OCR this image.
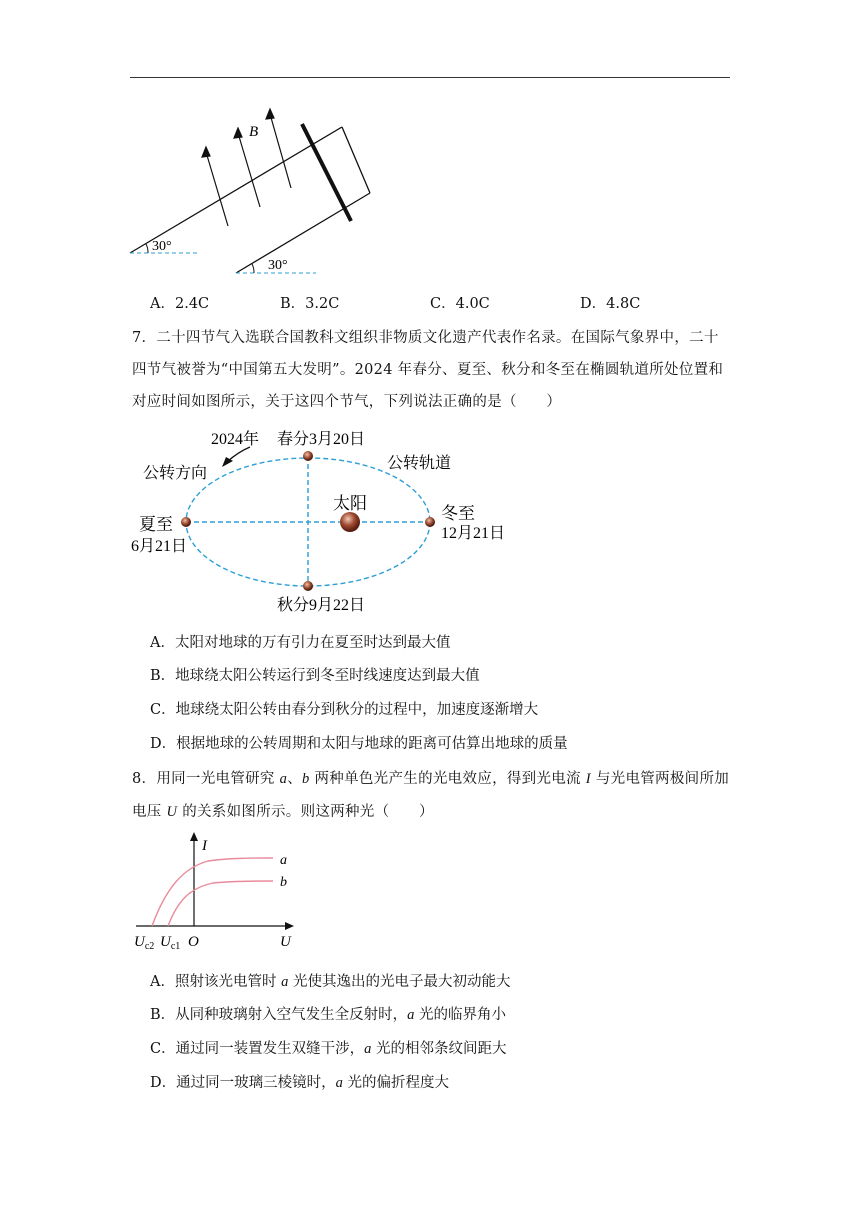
B
30°
30°
A．2.4C	B．3.2C	C．4.0C	D．4.8C
7．二十四节气入选联合国教科文组织非物质文化遗产代表作名录。在国际气象界中，二十
四节气被誉为“中国第五大发明”。2024 年春分、夏至、秋分和冬至在椭圆轨道所处位置和
对应时间如图所示，关于这四个节气，下列说法正确的是（　　）
2024年 春分3月20日
公转方向
公转轨道
太阳
夏至
6月21日
冬至
12月21日
秋分9月22日
A．太阳对地球的万有引力在夏至时达到最大值
B．地球绕太阳公转运行到冬至时线速度达到最大值
C．地球绕太阳公转由春分到秋分的过程中，加速度逐渐增大
D．根据地球的公转周期和太阳与地球的距离可估算出地球的质量
8．用同一光电管研究 a、b 两种单色光产生的光电效应，得到光电流 I 与光电管两极间所加
电压 U 的关系如图所示。则这两种光（　　）
I
a
b
O	U
$U_{c2}$ $U_{c1}$
A．照射该光电管时 a 光使其逸出的光电子最大初动能大
B．从同种玻璃射入空气发生全反射时，a 光的临界角小
C．通过同一装置发生双缝干涉，a 光的相邻条纹间距大
D．通过同一玻璃三棱镜时，a 光的偏折程度大
